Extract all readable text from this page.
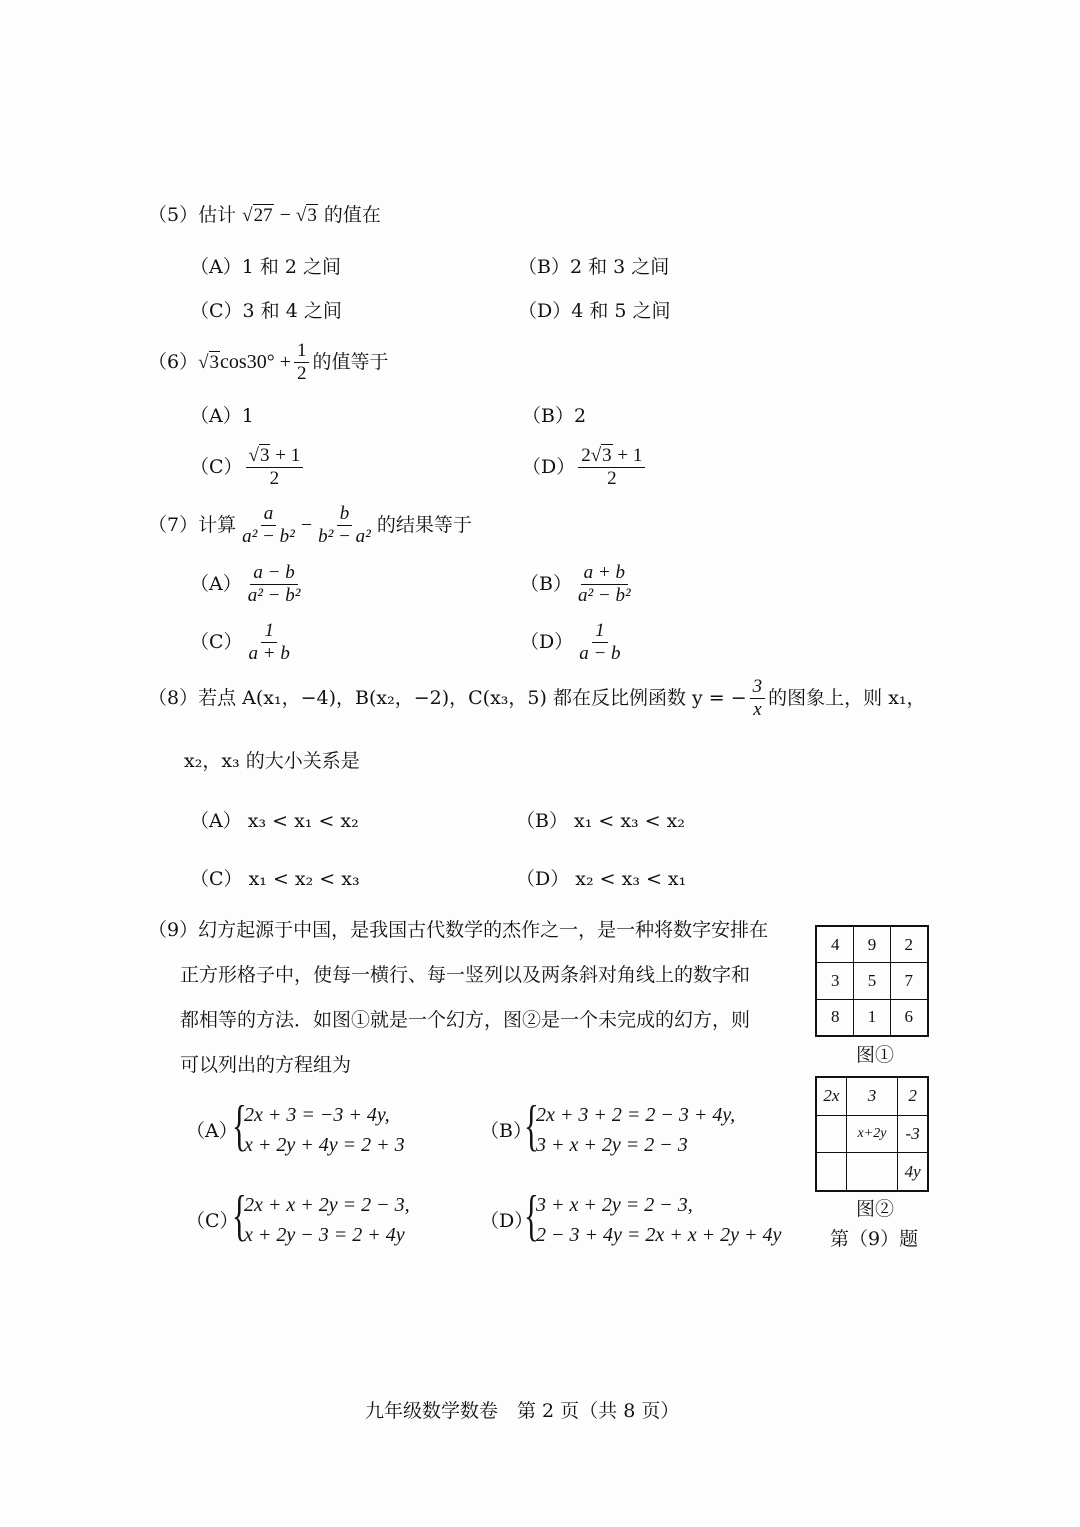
（5）估计 √27 − √3 的值在
（A）1 和 2 之间	（B）2 和 3 之间
（C）3 和 4 之间	（D）4 和 5 之间
（6） √3 $\cos 30^\circ + \frac{1}{2}$ 的值等于
（A）1	（B）2
$(C) \frac{√3 + 1}{2}$	$(D) \frac{2√3 + 1}{2}$
（7）计算 $\frac{a}{\text{a² − b²}} - \frac{b}{\text{b² − a²}}$ 的结果等于
$(A) \frac{a - b}{\text{a² − b²}}$	$(B) \frac{a + b}{\text{a² − b²}}$
$(C) \frac{1}{a + b}$	$(D) \frac{1}{a - b}$
（8）若点 A(x₁，−4)，B(x₂，−2)，C(x₃，5) 都在反比例函数 y = − $\frac{3}{x}$ 的图象上，则 x₁，
x₂，x₃ 的大小关系是
（A） x₃ < x₁ < x₂	（B） x₁ < x₃ < x₂
（C） x₁ < x₂ < x₃	（D） x₂ < x₃ < x₁
（9）幻方起源于中国，是我国古代数学的杰作之一，是一种将数字安排在
正方形格子中，使每一横行、每一竖列以及两条斜对角线上的数字和
都相等的方法．如图①就是一个幻方，图②是一个未完成的幻方，则
可以列出的方程组为
（A）
{
2x + 3 = −3 + 4y,
x + 2y + 4y = 2 + 3
（B）
{
2x + 3 + 2 = 2 − 3 + 4y,
3 + x + 2y = 2 − 3
（C）
{
2x + x + 2y = 2 − 3,
x + 2y − 3 = 2 + 4y
（D）
{
3 + x + 2y = 2 − 3,
2 − 3 + 4y = 2x + x + 2y + 4y
4	9	2
3	5	7
8	1	6
图①
2x	3	2
	x+2y	-3
		4y
图②
第（9）题
九年级数学数卷　第 2 页（共 8 页）
